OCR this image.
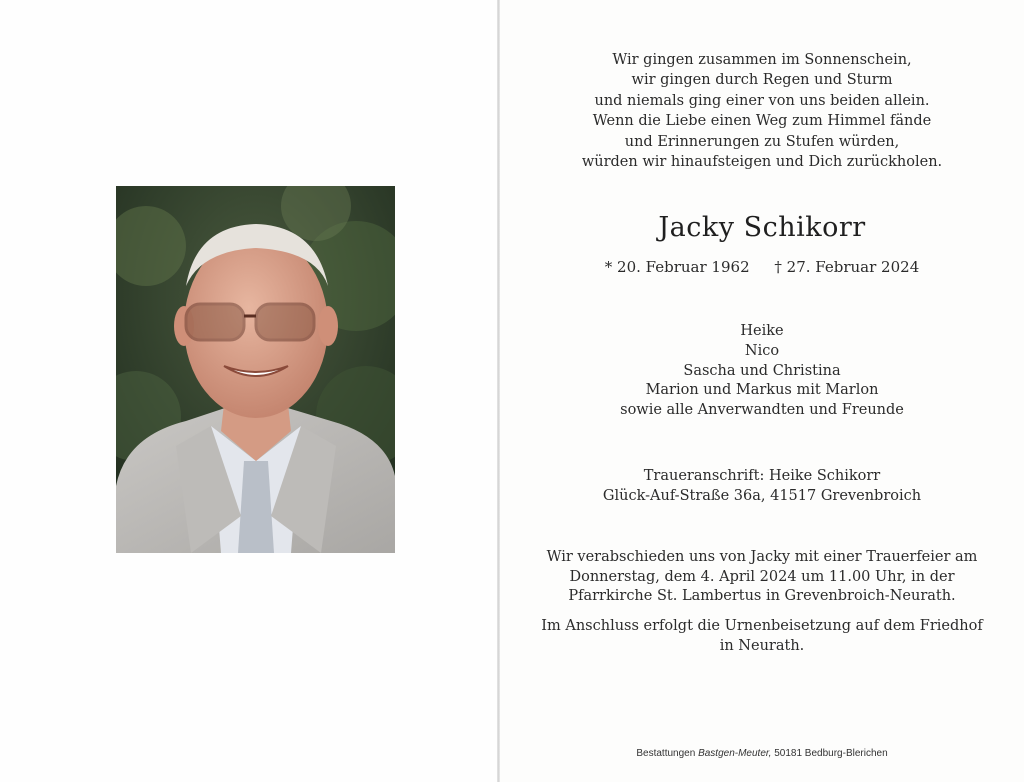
Wir gingen zusammen im Sonnenschein,
wir gingen durch Regen und Sturm
und niemals ging einer von uns beiden allein.
Wenn die Liebe einen Weg zum Himmel fände
und Erinnerungen zu Stufen würden,
würden wir hinaufsteigen und Dich zurückholen.
Jacky Schikorr
* 20. Februar 1962 † 27. Februar 2024
Heike
Nico
Sascha und Christina
Marion und Markus mit Marlon
sowie alle Anverwandten und Freunde
Traueranschrift: Heike Schikorr
Glück-Auf-Straße 36a, 41517 Grevenbroich
Wir verabschieden uns von Jacky mit einer Trauerfeier am
Donnerstag, dem 4. April 2024 um 11.00 Uhr, in der
Pfarrkirche St. Lambertus in Grevenbroich-Neurath.
Im Anschluss erfolgt die Urnenbeisetzung auf dem Friedhof
in Neurath.
Bestattungen Bastgen-Meuter, 50181 Bedburg-Blerichen
